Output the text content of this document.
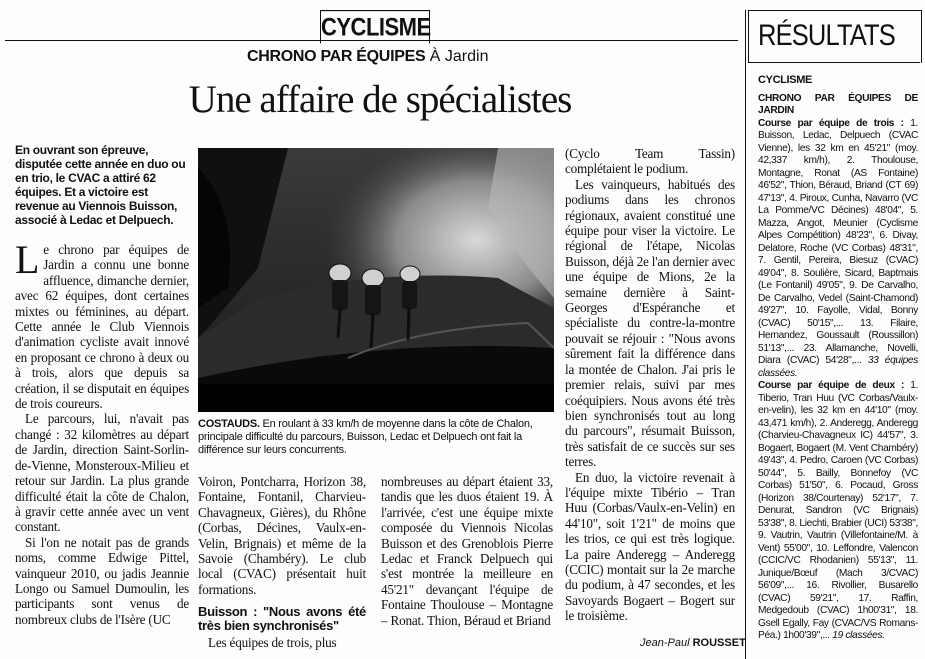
CYCLISME
CHRONO PAR ÉQUIPES À Jardin
Une affaire de spécialistes
En ouvrant son épreuve, disputée cette année en duo ou en trio, le CVAC a attiré 62 équipes. Et a victoire est revenue au Viennois Buisson, associé à Ledac et Delpuech.

Le chrono par équipes de Jardin a connu une bonne affluence, dimanche dernier, avec 62 équipes, dont certaines mixtes ou féminines, au départ. Cette année le Club Viennois d'animation cycliste avait innové en proposant ce chrono à deux ou à trois, alors que depuis sa création, il se disputait en équipes de trois coureurs.

Le parcours, lui, n'avait pas changé : 32 kilomètres au départ de Jardin, direction Saint-Sorlin-de-Vienne, Monsteroux-Milieu et retour sur Jardin. La plus grande difficulté était la côte de Chalon, à gravir cette année avec un vent constant.

Si l'on ne notait pas de grands noms, comme Edwige Pittel, vainqueur 2010, ou jadis Jeannie Longo ou Samuel Dumoulin, les participants sont venus de nombreux clubs de l'Isère (UC

COSTAUDS. En roulant à 33 km/h de moyenne dans la côte de Chalon, principale difficulté du parcours, Buisson, Ledac et Delpuech ont fait la différence sur leurs concurrents.

Voiron, Pontcharra, Horizon 38, Fontaine, Fontanil, Charvieu-Chavagneux, Gières), du Rhône (Corbas, Décines, Vaulx-en-Velin, Brignais) et même de la Savoie (Chambéry). Le club local (CVAC) présentait huit formations.

Buisson : "Nous avons été très bien synchronisés"

Les équipes de trois, plus

nombreuses au départ étaient 33, tandis que les duos étaient 19. À l'arrivée, c'est une équipe mixte composée du Viennois Nicolas Buisson et des Grenoblois Pierre Ledac et Franck Delpuech qui s'est montrée la meilleure en 45'21" devançant l'équipe de Fontaine Thoulouse – Montagne – Ronat. Thion, Béraud et Briand

(Cyclo Team Tassin) complétaient le podium.

Les vainqueurs, habitués des podiums dans les chronos régionaux, avaient constitué une équipe pour viser la victoire. Le régional de l'étape, Nicolas Buisson, déjà 2e l'an dernier avec une équipe de Mions, 2e la semaine dernière à Saint-Georges d'Espéranche et spécialiste du contre-la-montre pouvait se réjouir : "Nous avons sûrement fait la différence dans la montée de Chalon. J'ai pris le premier relais, suivi par mes coéquipiers. Nous avons été très bien synchronisés tout au long du parcours", résumait Buisson, très satisfait de ce succès sur ses terres.

En duo, la victoire revenait à l'équipe mixte Tibério – Tran Huu (Corbas/Vaulx-en-Velin) en 44'10", soit 1'21" de moins que les trios, ce qui est très logique. La paire Anderegg – Anderegg (CCIC) montait sur la 2e marche du podium, à 47 secondes, et les Savoyards Bogaert – Bogert sur le troisième.

Jean-Paul ROUSSET
RÉSULTATS
CYCLISME
CHRONO PAR ÉQUIPES DE JARDIN

Course par équipe de trois : 1. Buisson, Ledac, Delpuech (CVAC Vienne), les 32 km en 45'21" (moy. 42,337 km/h), 2. Thoulouse, Montagne, Ronat (AS Fontaine) 46'52", Thion, Béraud, Briand (CT 69) 47'13", 4. Piroux, Cunha, Navarro (VC La Pomme/VC Décines) 48'04", 5. Mazza, Angot, Meunier (Cyclisme Alpes Compétition) 48'23", 6. Divay, Delatore, Roche (VC Corbas) 48'31", 7. Gentil, Pereira, Biesuz (CVAC) 49'04", 8. Soulière, Sicard, Baptmais (Le Fontanil) 49'05", 9. De Carvalho, De Carvalho, Vedel (Saint-Chamond) 49'27", 10. Fayolle, Vidal, Bonny (CVAC) 50'15",... 13. Filaire, Hernandez, Goussault (Roussillon) 51'13",... 23. Allamanche, Novelli, Diara (CVAC) 54'28",... 33 équipes classées.

Course par équipe de deux : 1. Tiberio, Tran Huu (VC Corbas/Vaulx-en-velin), les 32 km en 44'10" (moy. 43,471 km/h), 2. Anderegg, Anderegg (Charvieu-Chavagneux IC) 44'57", 3. Bogaert, Bogaert (M. Vent Chambéry) 49'43", 4. Pedro, Caroen (VC Corbas) 50'44", 5. Bailly, Bonnefoy (VC Corbas) 51'50", 6. Pocaud, Gross (Horizon 38/Courtenay) 52'17", 7. Denurat, Sandron (VC Brignais) 53'38", 8. Liechti, Brabier (UCI) 53'38", 9. Vautrin, Vautrin (Villefontaine/M. à Vent) 55'00", 10. Leffondre, Valencon (CCIC/VC Rhodanien) 55'13", 11. Junique/Bœuf (Mach 3/CVAC) 56'09",... 16. Rivollier, Busarello (CVAC) 59'21", 17. Raffin, Medgedoub (CVAC) 1h00'31", 18. Gsell Egally, Fay (CVAC/VS Romans-Péa.) 1h00'39",... 19 classées.
